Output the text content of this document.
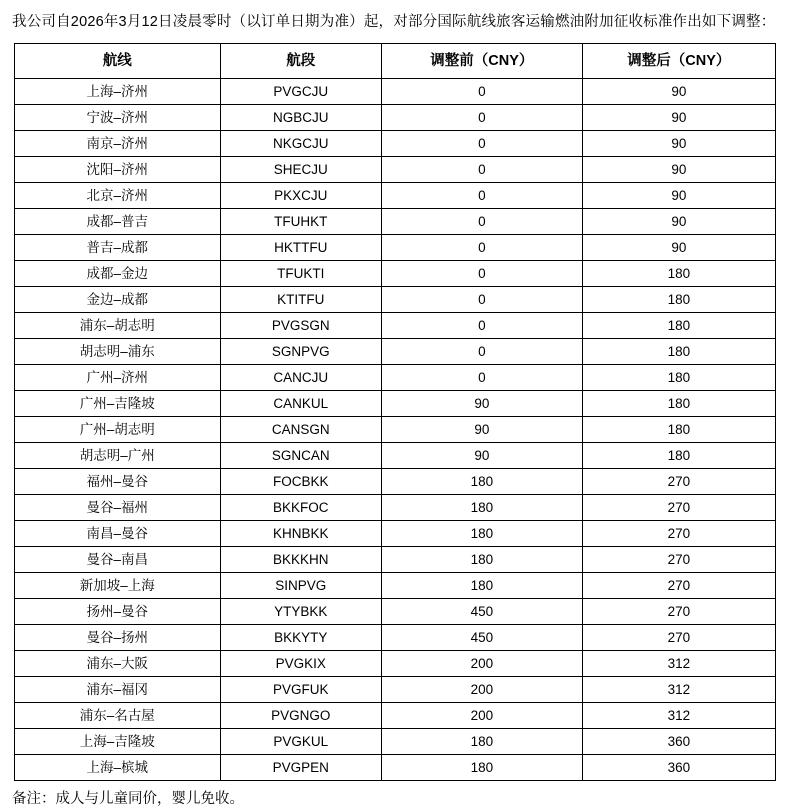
我公司自2026年3月12日凌晨零时（以订单日期为准）起，对部分国际航线旅客运输燃油附加征收标准作出如下调整：

航线	航段	调整前（CNY）	调整后（CNY）
上海–济州	PVGCJU	0	90
宁波–济州	NGBCJU	0	90
南京–济州	NKGCJU	0	90
沈阳–济州	SHECJU	0	90
北京–济州	PKXCJU	0	90
成都–普吉	TFUHKT	0	90
普吉–成都	HKTTFU	0	90
成都–金边	TFUKTI	0	180
金边–成都	KTITFU	0	180
浦东–胡志明	PVGSGN	0	180
胡志明–浦东	SGNPVG	0	180
广州–济州	CANCJU	0	180
广州–吉隆坡	CANKUL	90	180
广州–胡志明	CANSGN	90	180
胡志明–广州	SGNCAN	90	180
福州–曼谷	FOCBKK	180	270
曼谷–福州	BKKFOC	180	270
南昌–曼谷	KHNBKK	180	270
曼谷–南昌	BKKKHN	180	270
新加坡–上海	SINPVG	180	270
扬州–曼谷	YTYBKK	450	270
曼谷–扬州	BKKYTY	450	270
浦东–大阪	PVGKIX	200	312
浦东–福冈	PVGFUK	200	312
浦东–名古屋	PVGNGO	200	312
上海–吉隆坡	PVGKUL	180	360
上海–槟城	PVGPEN	180	360

备注：成人与儿童同价，婴儿免收。
